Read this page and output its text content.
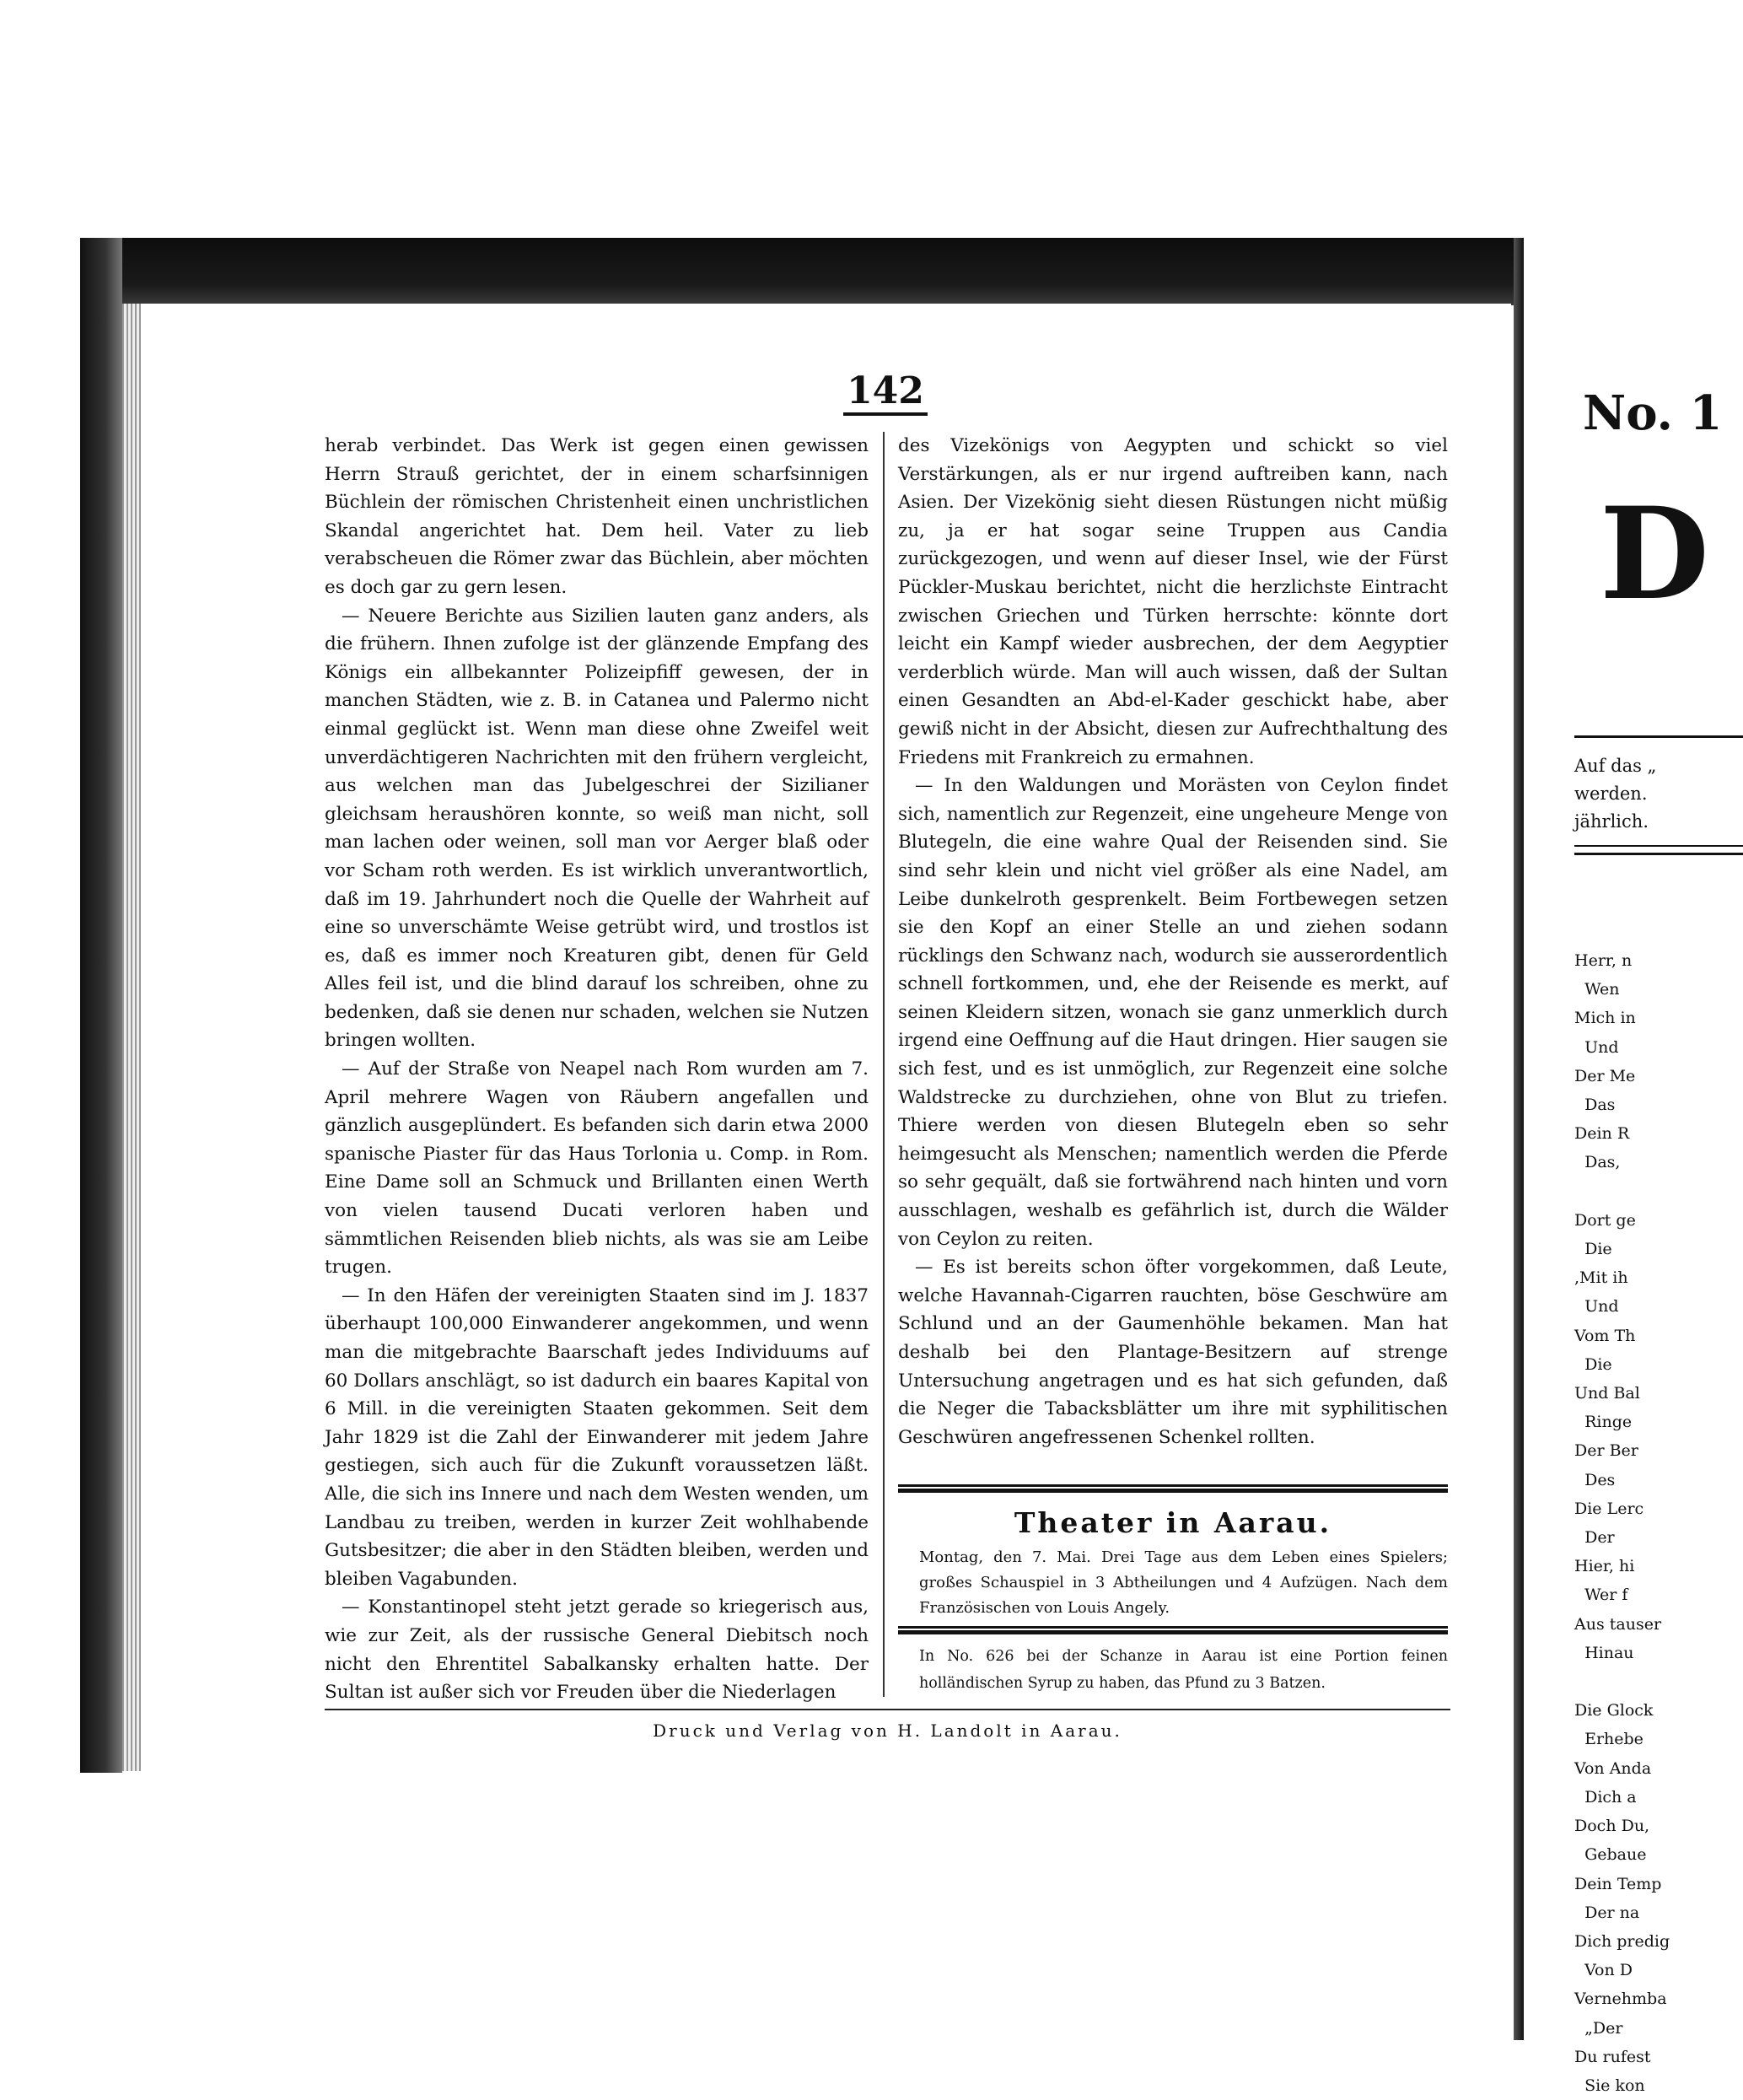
142

herab verbindet. Das Werk ist gegen einen gewissen Herrn Strauß gerichtet, der in einem scharfsinnigen Büchlein der römischen Christenheit einen unchristlichen Skandal angerichtet hat. Dem heil. Vater zu lieb verabscheuen die Römer zwar das Büchlein, aber möchten es doch gar zu gern lesen.

— Neuere Berichte aus Sizilien lauten ganz anders, als die frühern. Ihnen zufolge ist der glänzende Empfang des Königs ein allbekannter Polizeipfiff gewesen, der in manchen Städten, wie z. B. in Catanea und Palermo nicht einmal geglückt ist. Wenn man diese ohne Zweifel weit unverdächtigeren Nachrichten mit den frühern vergleicht, aus welchen man das Jubelgeschrei der Sizilianer gleichsam heraushören konnte, so weiß man nicht, soll man lachen oder weinen, soll man vor Aerger blaß oder vor Scham roth werden. Es ist wirklich unverantwortlich, daß im 19. Jahrhundert noch die Quelle der Wahrheit auf eine so unverschämte Weise getrübt wird, und trostlos ist es, daß es immer noch Kreaturen gibt, denen für Geld Alles feil ist, und die blind darauf los schreiben, ohne zu bedenken, daß sie denen nur schaden, welchen sie Nutzen bringen wollten.

— Auf der Straße von Neapel nach Rom wurden am 7. April mehrere Wagen von Räubern angefallen und gänzlich ausgeplündert. Es befanden sich darin etwa 2000 spanische Piaster für das Haus Torlonia u. Comp. in Rom. Eine Dame soll an Schmuck und Brillanten einen Werth von vielen tausend Ducati verloren haben und sämmtlichen Reisenden blieb nichts, als was sie am Leibe trugen.

— In den Häfen der vereinigten Staaten sind im J. 1837 überhaupt 100,000 Einwanderer angekommen, und wenn man die mitgebrachte Baarschaft jedes Individuums auf 60 Dollars anschlägt, so ist dadurch ein baares Kapital von 6 Mill. in die vereinigten Staaten gekommen. Seit dem Jahr 1829 ist die Zahl der Einwanderer mit jedem Jahre gestiegen, sich auch für die Zukunft voraussetzen läßt. Alle, die sich ins Innere und nach dem Westen wenden, um Landbau zu treiben, werden in kurzer Zeit wohlhabende Gutsbesitzer; die aber in den Städten bleiben, werden und bleiben Vagabunden.

— Konstantinopel steht jetzt gerade so kriegerisch aus, wie zur Zeit, als der russische General Diebitsch noch nicht den Ehrentitel Sabalkansky erhalten hatte. Der Sultan ist außer sich vor Freuden über die Niederlagen

des Vizekönigs von Aegypten und schickt so viel Verstärkungen, als er nur irgend auftreiben kann, nach Asien. Der Vizekönig sieht diesen Rüstungen nicht müßig zu, ja er hat sogar seine Truppen aus Candia zurückgezogen, und wenn auf dieser Insel, wie der Fürst Pückler-Muskau berichtet, nicht die herzlichste Eintracht zwischen Griechen und Türken herrschte: könnte dort leicht ein Kampf wieder ausbrechen, der dem Aegyptier verderblich würde. Man will auch wissen, daß der Sultan einen Gesandten an Abd-el-Kader geschickt habe, aber gewiß nicht in der Absicht, diesen zur Aufrechthaltung des Friedens mit Frankreich zu ermahnen.

— In den Waldungen und Morästen von Ceylon findet sich, namentlich zur Regenzeit, eine ungeheure Menge von Blutegeln, die eine wahre Qual der Reisenden sind. Sie sind sehr klein und nicht viel größer als eine Nadel, am Leibe dunkelroth gesprenkelt. Beim Fortbewegen setzen sie den Kopf an einer Stelle an und ziehen sodann rücklings den Schwanz nach, wodurch sie ausserordentlich schnell fortkommen, und, ehe der Reisende es merkt, auf seinen Kleidern sitzen, wonach sie ganz unmerklich durch irgend eine Oeffnung auf die Haut dringen. Hier saugen sie sich fest, und es ist unmöglich, zur Regenzeit eine solche Waldstrecke zu durchziehen, ohne von Blut zu triefen. Thiere werden von diesen Blutegeln eben so sehr heimgesucht als Menschen; namentlich werden die Pferde so sehr gequält, daß sie fortwährend nach hinten und vorn ausschlagen, weshalb es gefährlich ist, durch die Wälder von Ceylon zu reiten.

— Es ist bereits schon öfter vorgekommen, daß Leute, welche Havannah-Cigarren rauchten, böse Geschwüre am Schlund und an der Gaumenhöhle bekamen. Man hat deshalb bei den Plantage-Besitzern auf strenge Untersuchung angetragen und es hat sich gefunden, daß die Neger die Tabacksblätter um ihre mit syphilitischen Geschwüren angefressenen Schenkel rollten.

Theater in Aarau.
Montag, den 7. Mai. Drei Tage aus dem Leben eines Spielers; großes Schauspiel in 3 Abtheilungen und 4 Aufzügen. Nach dem Französischen von Louis Angely.
In No. 626 bei der Schanze in Aarau ist eine Portion feinen holländischen Syrup zu haben, das Pfund zu 3 Batzen.
Druck und Verlag von H. Landolt in Aarau.
No. 1
D
Auf das „
werden.
jährlich.
Herr, n
Wen
Mich in
Und
Der Me
Das
Dein R
Das,

Dort ge
Die
,Mit ih
Und
Vom Th
Die
Und Bal
Ringe
Der Ber
Des
Die Lerc
Der
Hier, hi
Wer f
Aus tauser
Hinau

Die Glock
Erhebe
Von Anda
Dich a
Doch Du,
Gebaue
Dein Temp
Der na
Dich predig
Von D
Vernehmba
„Der
Du rufest
Sie kon
